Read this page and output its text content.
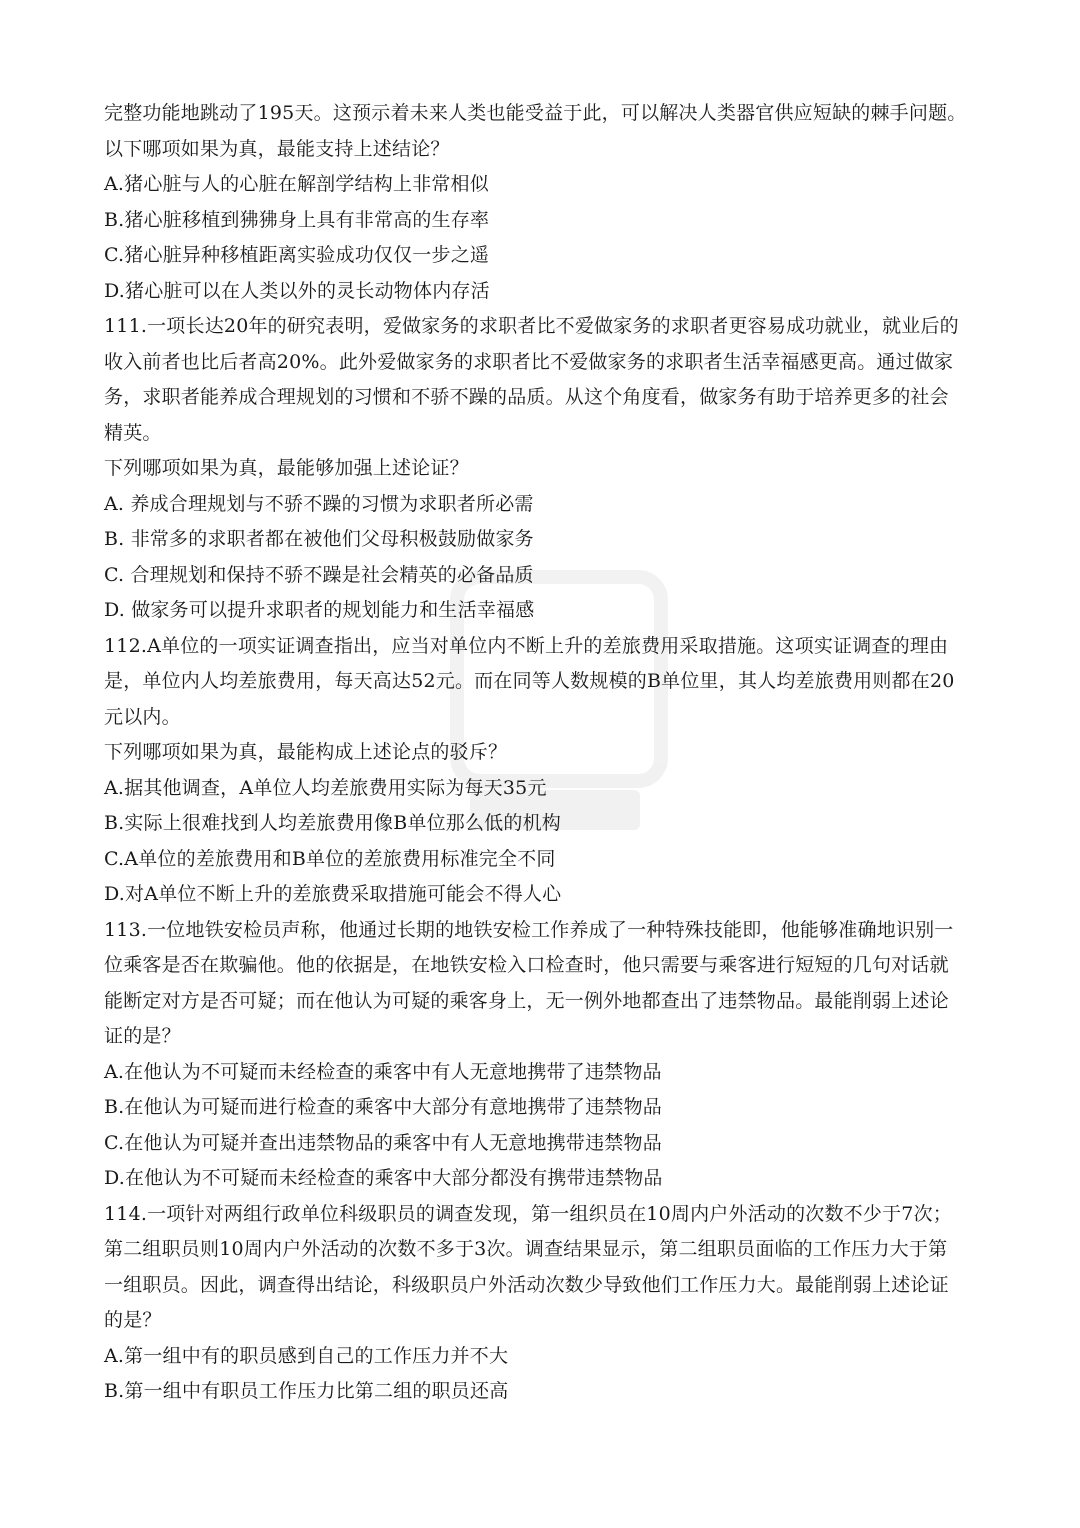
完整功能地跳动了195天。这预示着未来人类也能受益于此，可以解决人类器官供应短缺的棘手问题。
以下哪项如果为真，最能支持上述结论？
A.猪心脏与人的心脏在解剖学结构上非常相似
B.猪心脏移植到狒狒身上具有非常高的生存率
C.猪心脏异种移植距离实验成功仅仅一步之遥
D.猪心脏可以在人类以外的灵长动物体内存活
111.一项长达20年的研究表明，爱做家务的求职者比不爱做家务的求职者更容易成功就业，就业后的
收入前者也比后者高20%。此外爱做家务的求职者比不爱做家务的求职者生活幸福感更高。通过做家
务，求职者能养成合理规划的习惯和不骄不躁的品质。从这个角度看，做家务有助于培养更多的社会
精英。
下列哪项如果为真，最能够加强上述论证？
A. 养成合理规划与不骄不躁的习惯为求职者所必需
B. 非常多的求职者都在被他们父母积极鼓励做家务
C. 合理规划和保持不骄不躁是社会精英的必备品质
D. 做家务可以提升求职者的规划能力和生活幸福感
112.A单位的一项实证调查指出，应当对单位内不断上升的差旅费用采取措施。这项实证调查的理由
是，单位内人均差旅费用，每天高达52元。而在同等人数规模的B单位里，其人均差旅费用则都在20
元以内。
下列哪项如果为真，最能构成上述论点的驳斥？
A.据其他调查，A单位人均差旅费用实际为每天35元
B.实际上很难找到人均差旅费用像B单位那么低的机构
C.A单位的差旅费用和B单位的差旅费用标准完全不同
D.对A单位不断上升的差旅费采取措施可能会不得人心
113.一位地铁安检员声称，他通过长期的地铁安检工作养成了一种特殊技能即，他能够准确地识别一
位乘客是否在欺骗他。他的依据是，在地铁安检入口检查时，他只需要与乘客进行短短的几句对话就
能断定对方是否可疑；而在他认为可疑的乘客身上，无一例外地都查出了违禁物品。最能削弱上述论
证的是？
A.在他认为不可疑而未经检查的乘客中有人无意地携带了违禁物品
B.在他认为可疑而进行检查的乘客中大部分有意地携带了违禁物品
C.在他认为可疑并查出违禁物品的乘客中有人无意地携带违禁物品
D.在他认为不可疑而未经检查的乘客中大部分都没有携带违禁物品
114.一项针对两组行政单位科级职员的调查发现，第一组织员在10周内户外活动的次数不少于7次；
第二组职员则10周内户外活动的次数不多于3次。调查结果显示，第二组职员面临的工作压力大于第
一组职员。因此，调查得出结论，科级职员户外活动次数少导致他们工作压力大。最能削弱上述论证
的是？
A.第一组中有的职员感到自己的工作压力并不大
B.第一组中有职员工作压力比第二组的职员还高
